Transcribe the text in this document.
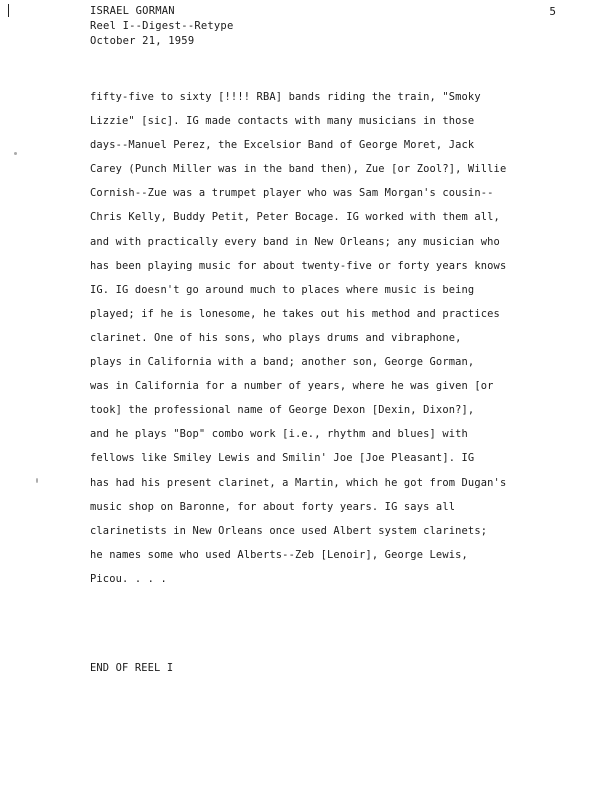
ISRAEL GORMAN
Reel I--Digest--Retype
October 21, 1959
5
fifty-five to sixty [!!!! RBA] bands riding the train, "Smoky
Lizzie" [sic]. IG made contacts with many musicians in those
days--Manuel Perez, the Excelsior Band of George Moret, Jack
Carey (Punch Miller was in the band then), Zue [or Zool?], Willie
Cornish--Zue was a trumpet player who was Sam Morgan's cousin--
Chris Kelly, Buddy Petit, Peter Bocage. IG worked with them all,
and with practically every band in New Orleans; any musician who
has been playing music for about twenty-five or forty years knows
IG. IG doesn't go around much to places where music is being
played; if he is lonesome, he takes out his method and practices
clarinet. One of his sons, who plays drums and vibraphone,
plays in California with a band; another son, George Gorman,
was in California for a number of years, where he was given [or
took] the professional name of George Dexon [Dexin, Dixon?],
and he plays "Bop" combo work [i.e., rhythm and blues] with
fellows like Smiley Lewis and Smilin' Joe [Joe Pleasant]. IG
has had his present clarinet, a Martin, which he got from Dugan's
music shop on Baronne, for about forty years. IG says all
clarinetists in New Orleans once used Albert system clarinets;
he names some who used Alberts--Zeb [Lenoir], George Lewis,
Picou. . . .
END OF REEL I
